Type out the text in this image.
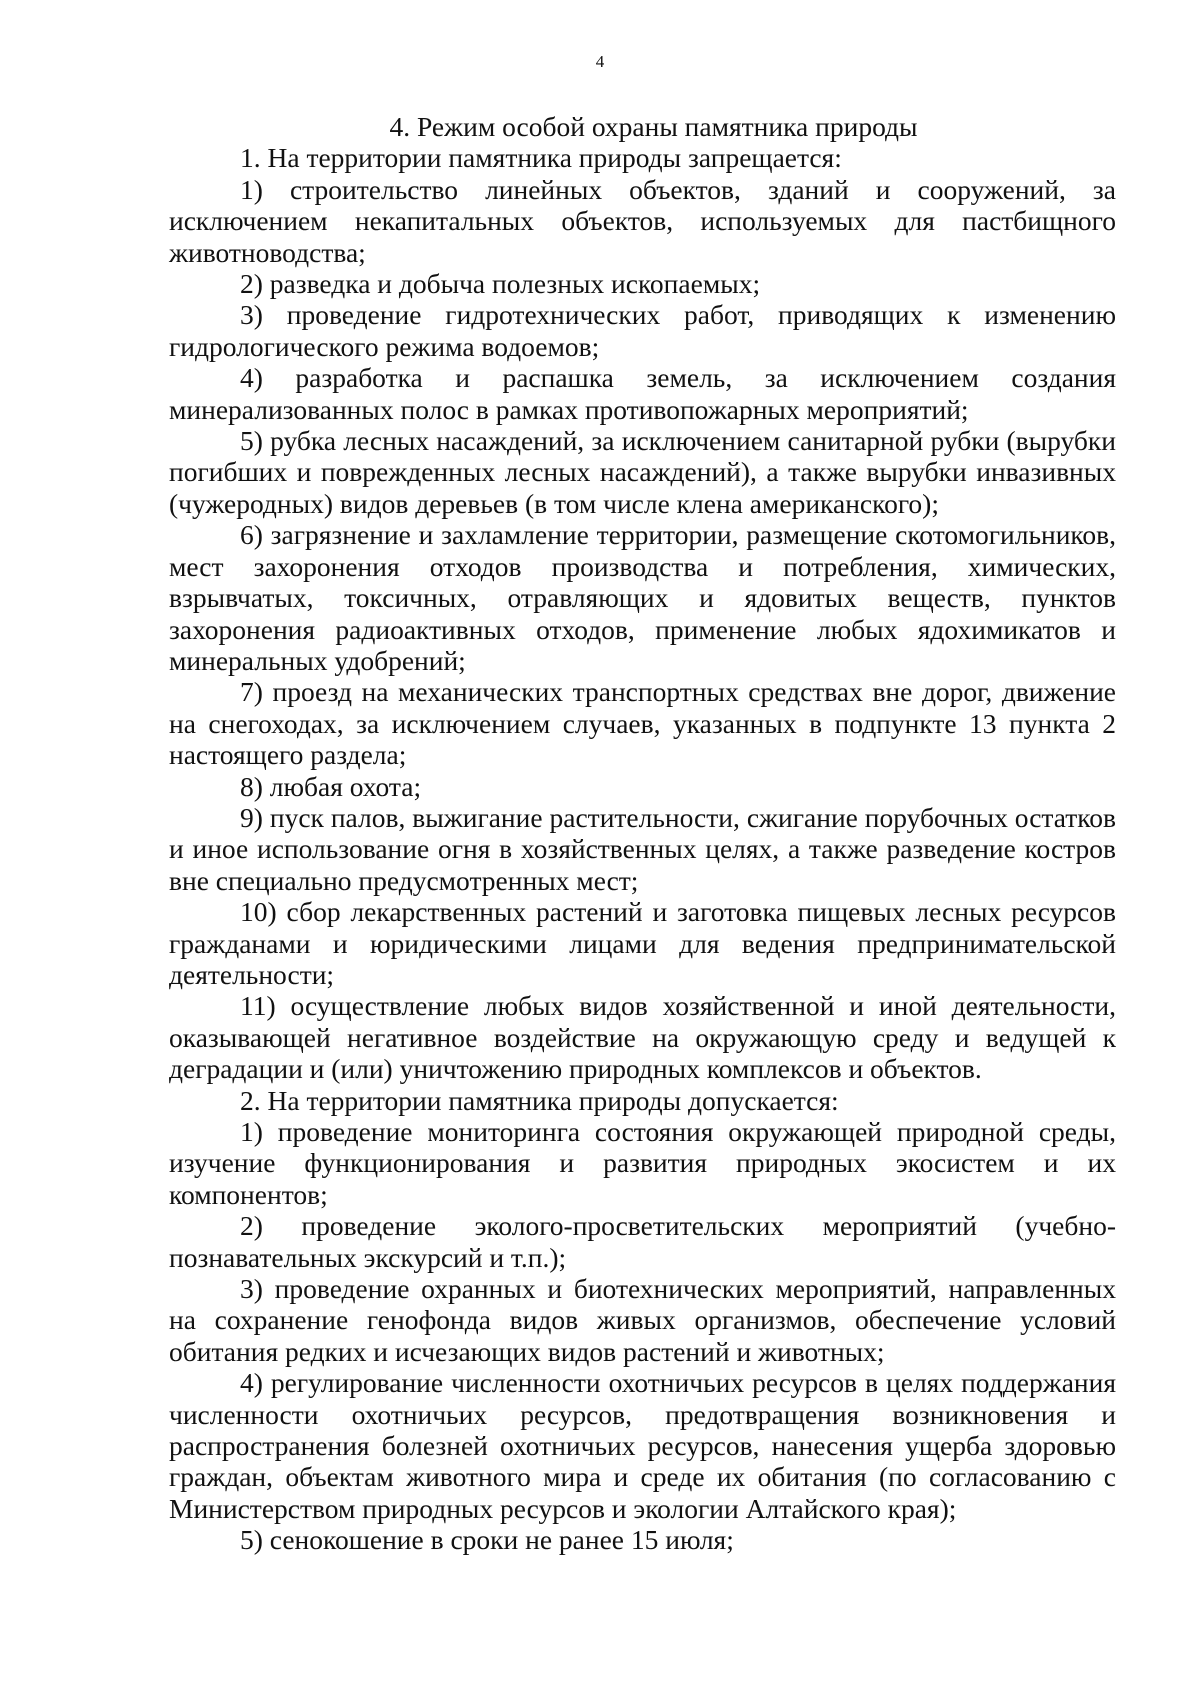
4

4. Режим особой охраны памятника природы

1. На территории памятника природы запрещается:

1) строительство линейных объектов, зданий и сооружений, за исключением некапитальных объектов, используемых для пастбищного животноводства;

2) разведка и добыча полезных ископаемых;

3) проведение гидротехнических работ, приводящих к изменению гидрологического режима водоемов;

4) разработка и распашка земель, за исключением создания минерализованных полос в рамках противопожарных мероприятий;

5) рубка лесных насаждений, за исключением санитарной рубки (вырубки погибших и поврежденных лесных насаждений), а также вырубки инвазивных (чужеродных) видов деревьев (в том числе клена американского);

6) загрязнение и захламление территории, размещение скотомогильников, мест захоронения отходов производства и потребления, химических, взрывчатых, токсичных, отравляющих и ядовитых веществ, пунктов захоронения радиоактивных отходов, применение любых ядохимикатов и минеральных удобрений;

7) проезд на механических транспортных средствах вне дорог, движение на снегоходах, за исключением случаев, указанных в подпункте 13 пункта 2 настоящего раздела;

8) любая охота;

9) пуск палов, выжигание растительности, сжигание порубочных остатков и иное использование огня в хозяйственных целях, а также разведение костров вне специально предусмотренных мест;

10) сбор лекарственных растений и заготовка пищевых лесных ресурсов гражданами и юридическими лицами для ведения предпринимательской деятельности;

11) осуществление любых видов хозяйственной и иной деятельности, оказывающей негативное воздействие на окружающую среду и ведущей к деградации и (или) уничтожению природных комплексов и объектов.

2. На территории памятника природы допускается:

1) проведение мониторинга состояния окружающей природной среды, изучение функционирования и развития природных экосистем и их компонентов;

2) проведение эколого-просветительских мероприятий (учебно-познавательных экскурсий и т.п.);

3) проведение охранных и биотехнических мероприятий, направленных на сохранение генофонда видов живых организмов, обеспечение условий обитания редких и исчезающих видов растений и животных;

4) регулирование численности охотничьих ресурсов в целях поддержания численности охотничьих ресурсов, предотвращения возникновения и распространения болезней охотничьих ресурсов, нанесения ущерба здоровью граждан, объектам животного мира и среде их обитания (по согласованию с Министерством природных ресурсов и экологии Алтайского края);

5) сенокошение в сроки не ранее 15 июля;
